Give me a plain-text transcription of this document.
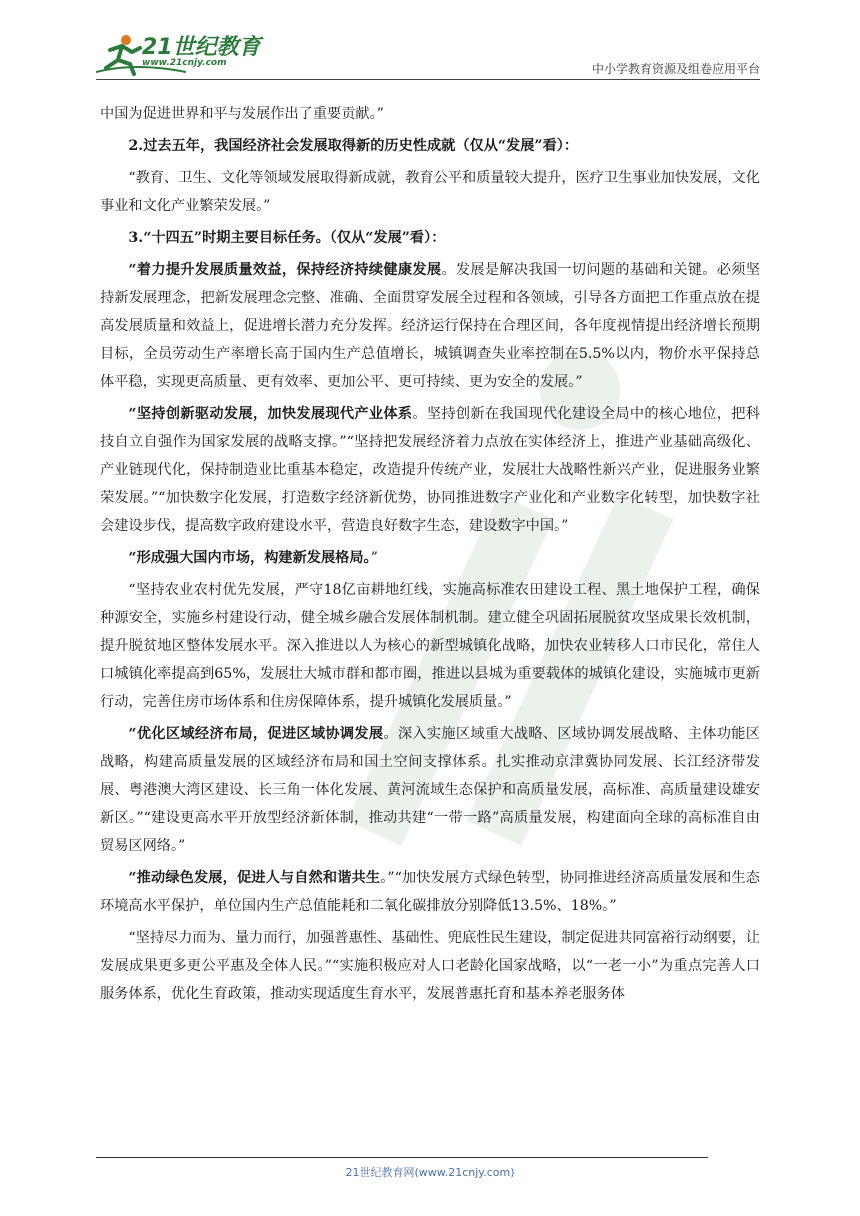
21世纪教育
www.21cnjy.com	中小学教育资源及组卷应用平台

中国为促进世界和平与发展作出了重要贡献。”

2.过去五年，我国经济社会发展取得新的历史性成就（仅从“发展”看）：

“教育、卫生、文化等领域发展取得新成就，教育公平和质量较大提升，医疗卫生事业加快发展，文化事业和文化产业繁荣发展。”

3.“十四五”时期主要目标任务。（仅从“发展”看）：

“着力提升发展质量效益，保持经济持续健康发展。发展是解决我国一切问题的基础和关键。必须坚持新发展理念，把新发展理念完整、准确、全面贯穿发展全过程和各领域，引导各方面把工作重点放在提高发展质量和效益上，促进增长潜力充分发挥。经济运行保持在合理区间，各年度视情提出经济增长预期目标，全员劳动生产率增长高于国内生产总值增长，城镇调查失业率控制在5.5%以内，物价水平保持总体平稳，实现更高质量、更有效率、更加公平、更可持续、更为安全的发展。”

“坚持创新驱动发展，加快发展现代产业体系。坚持创新在我国现代化建设全局中的核心地位，把科技自立自强作为国家发展的战略支撑。”“坚持把发展经济着力点放在实体经济上，推进产业基础高级化、产业链现代化，保持制造业比重基本稳定，改造提升传统产业，发展壮大战略性新兴产业，促进服务业繁荣发展。”“加快数字化发展，打造数字经济新优势，协同推进数字产业化和产业数字化转型，加快数字社会建设步伐，提高数字政府建设水平，营造良好数字生态，建设数字中国。”

“形成强大国内市场，构建新发展格局。”

“坚持农业农村优先发展，严守18亿亩耕地红线，实施高标准农田建设工程、黑土地保护工程，确保种源安全，实施乡村建设行动，健全城乡融合发展体制机制。建立健全巩固拓展脱贫攻坚成果长效机制，提升脱贫地区整体发展水平。深入推进以人为核心的新型城镇化战略，加快农业转移人口市民化，常住人口城镇化率提高到65%，发展壮大城市群和都市圈，推进以县城为重要载体的城镇化建设，实施城市更新行动，完善住房市场体系和住房保障体系，提升城镇化发展质量。”

“优化区域经济布局，促进区域协调发展。深入实施区域重大战略、区域协调发展战略、主体功能区战略，构建高质量发展的区域经济布局和国土空间支撑体系。扎实推动京津冀协同发展、长江经济带发展、粤港澳大湾区建设、长三角一体化发展、黄河流域生态保护和高质量发展，高标准、高质量建设雄安新区。”“建设更高水平开放型经济新体制，推动共建“一带一路”高质量发展，构建面向全球的高标准自由贸易区网络。”

“推动绿色发展，促进人与自然和谐共生。”“加快发展方式绿色转型，协同推进经济高质量发展和生态环境高水平保护，单位国内生产总值能耗和二氧化碳排放分别降低13.5%、18%。”

“坚持尽力而为、量力而行，加强普惠性、基础性、兜底性民生建设，制定促进共同富裕行动纲要，让发展成果更多更公平惠及全体人民。”“实施积极应对人口老龄化国家战略，以“一老一小”为重点完善人口服务体系，优化生育政策，推动实现适度生育水平，发展普惠托育和基本养老服务体

21世纪教育网(www.21cnjy.com)
